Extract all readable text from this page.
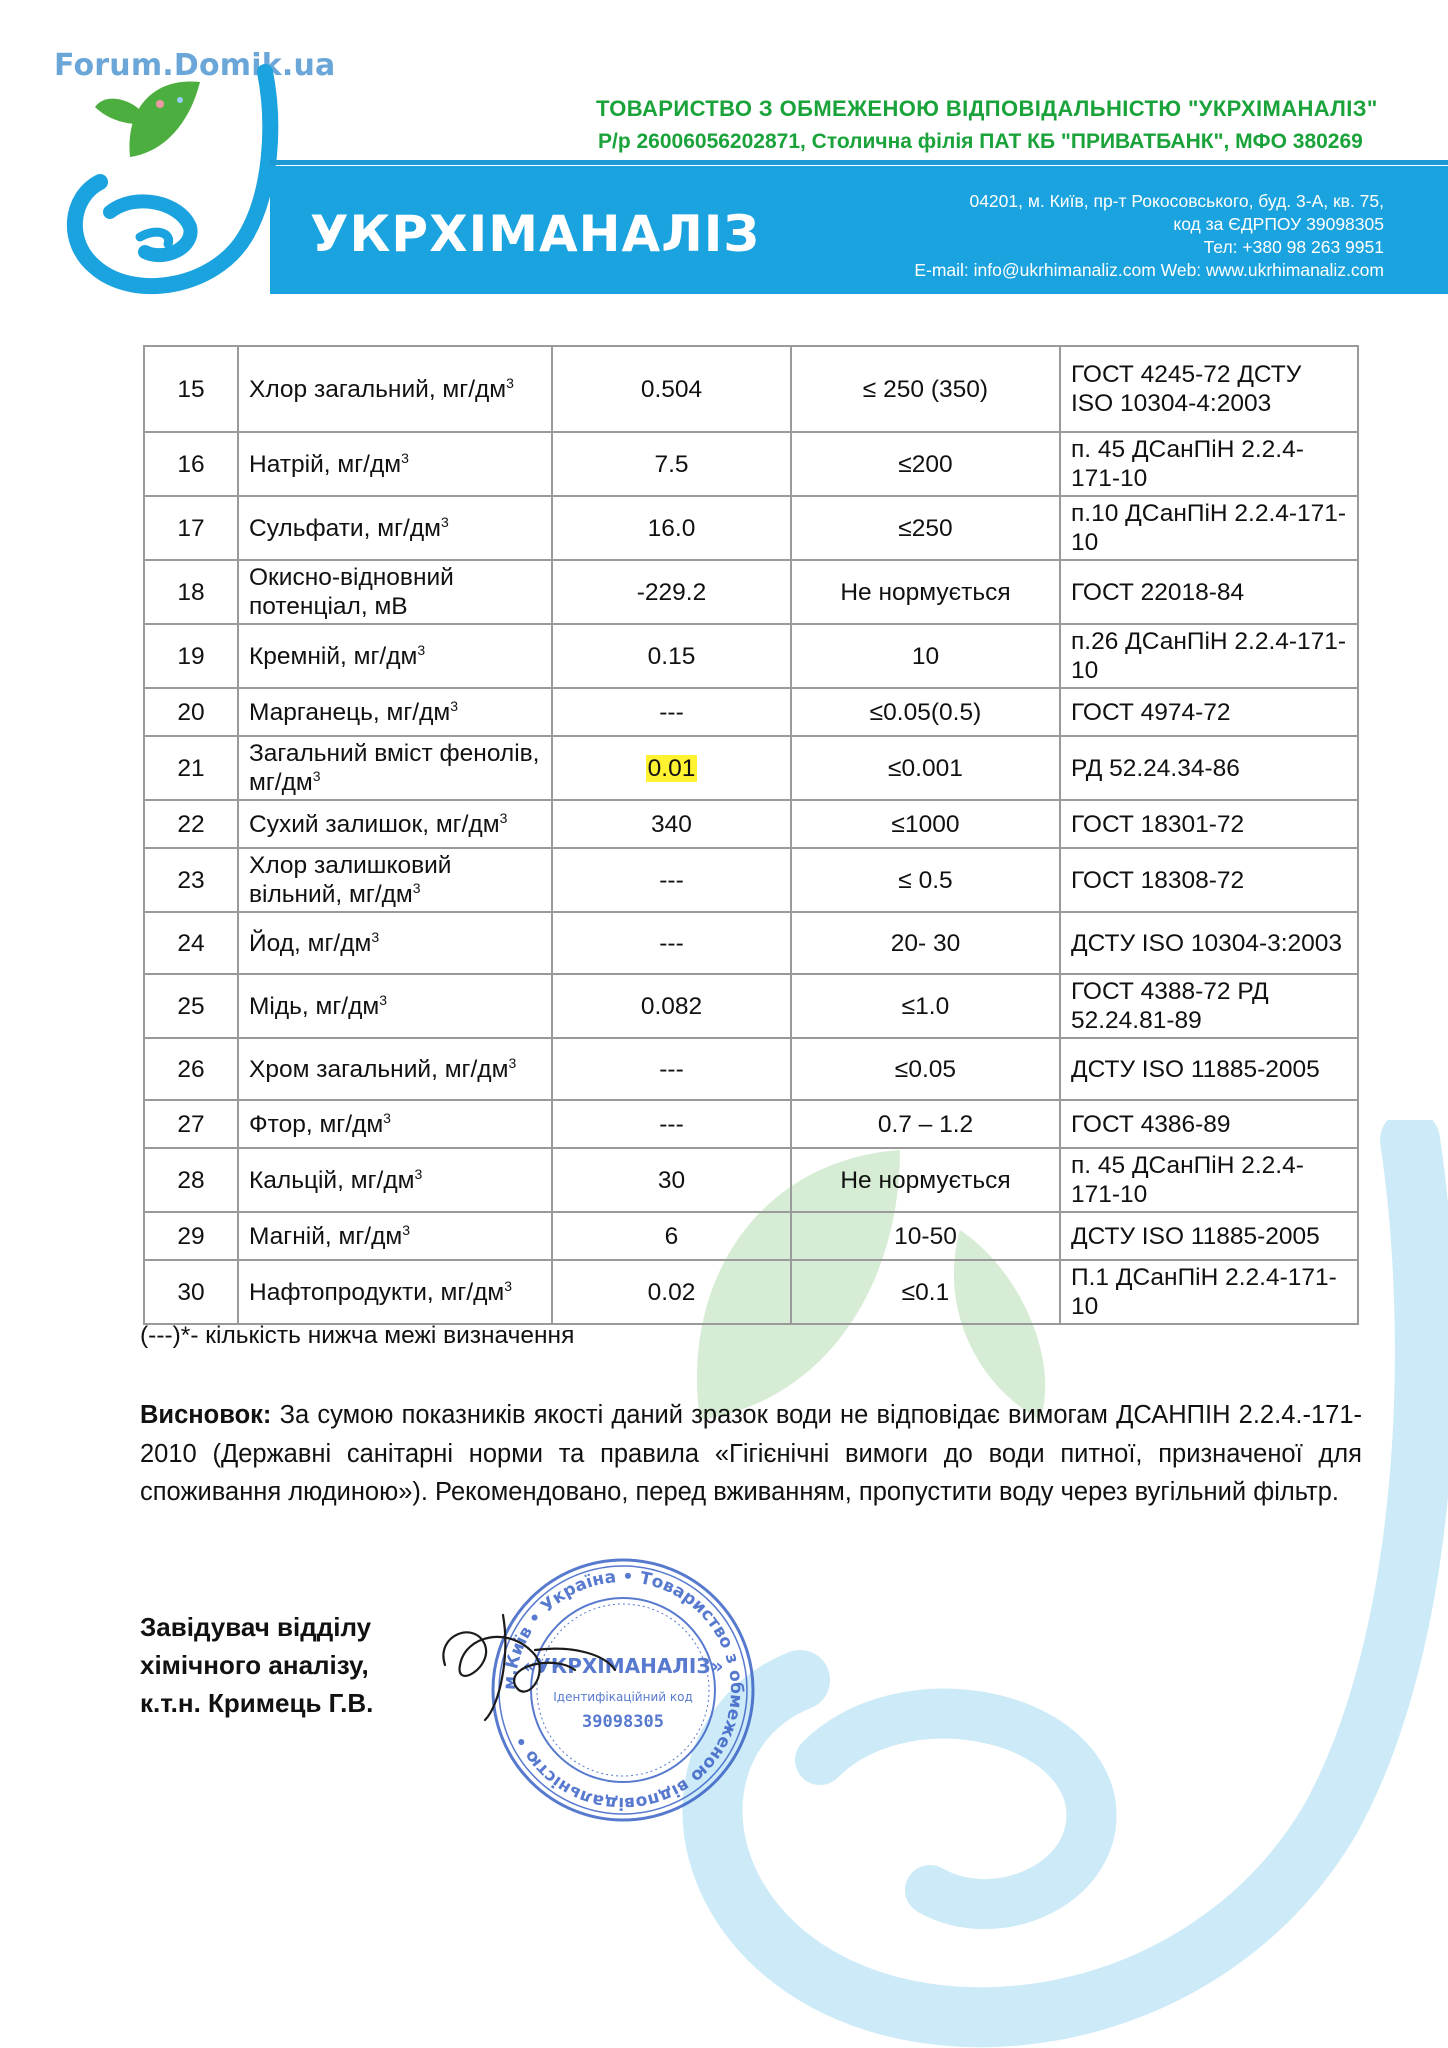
Forum.Domik.ua
ТОВАРИСТВО З ОБМЕЖЕНОЮ ВІДПОВІДАЛЬНІСТЮ "УКРХІМАНАЛІЗ"
Р/р 26006056202871, Столична філія ПАТ КБ "ПРИВАТБАНК", МФО 380269
УКРХІМАНАЛІЗ
04201, м. Київ, пр-т Рокосовського, буд. 3-А, кв. 75,
код за ЄДРПОУ 39098305
Тел: +380 98 263 9951
E-mail: info@ukrhimanaliz.com Web: www.ukrhimanaliz.com
15	Хлор загальний, $мг/дм^3$	0.504	≤ 250 (350)	ГОСТ 4245-72 ДСТУ ISO 10304-4:2003
16	Натрій, $мг/дм^3$	7.5	≤200	п. 45 ДСанПіН 2.2.4-171-10
17	Сульфати, $мг/дм^3$	16.0	≤250	п.10 ДСанПіН 2.2.4-171-10
18	Окисно-відновний потенціал, мВ	-229.2	Не нормується	ГОСТ 22018-84
19	Кремній, $мг/дм^3$	0.15	10	п.26 ДСанПіН 2.2.4-171-10
20	Марганець, $мг/дм^3$	---	≤0.05(0.5)	ГОСТ 4974-72
21	Загальний вміст фенолів, $мг/дм^3$	0.01	≤0.001	РД 52.24.34-86
22	Сухий залишок, $мг/дм^3$	340	≤1000	ГОСТ 18301-72
23	Хлор залишковий вільний, $мг/дм^3$	---	≤ 0.5	ГОСТ 18308-72
24	Йод, $мг/дм^3$	---	20- 30	ДСТУ ISO 10304-3:2003
25	Мідь, $мг/дм^3$	0.082	≤1.0	ГОСТ 4388-72 РД 52.24.81-89
26	Хром загальний, $мг/дм^3$	---	≤0.05	ДСТУ ISO 11885-2005
27	Фтор, $мг/дм^3$	---	0.7 – 1.2	ГОСТ 4386-89
28	Кальцій, $мг/дм^3$	30	Не нормується	п. 45 ДСанПіН 2.2.4-171-10
29	Магній, $мг/дм^3$	6	10-50	ДСТУ ISO 11885-2005
30	Нафтопродукти, $мг/дм^3$	0.02	≤0.1	П.1 ДСанПіН 2.2.4-171-10
(---)*- кількість нижча межі визначення
Висновок: За сумою показників якості даний зразок води не відповідає вимогам ДСАНПІН 2.2.4.-171- 2010 (Державні санітарні норми та правила «Гігієнічні вимоги до води питної, призначеної для споживання людиною»). Рекомендовано, перед вживанням, пропустити воду через вугільний фільтр.
Завідувач відділу
хімічного аналізу,
к.т.н. Кримець Г.В.
м.Київ • Україна • Товариство з обмеженою відповідальністю •
«УКРХІМАНАЛІЗ»
Ідентифікаційний код
39098305
